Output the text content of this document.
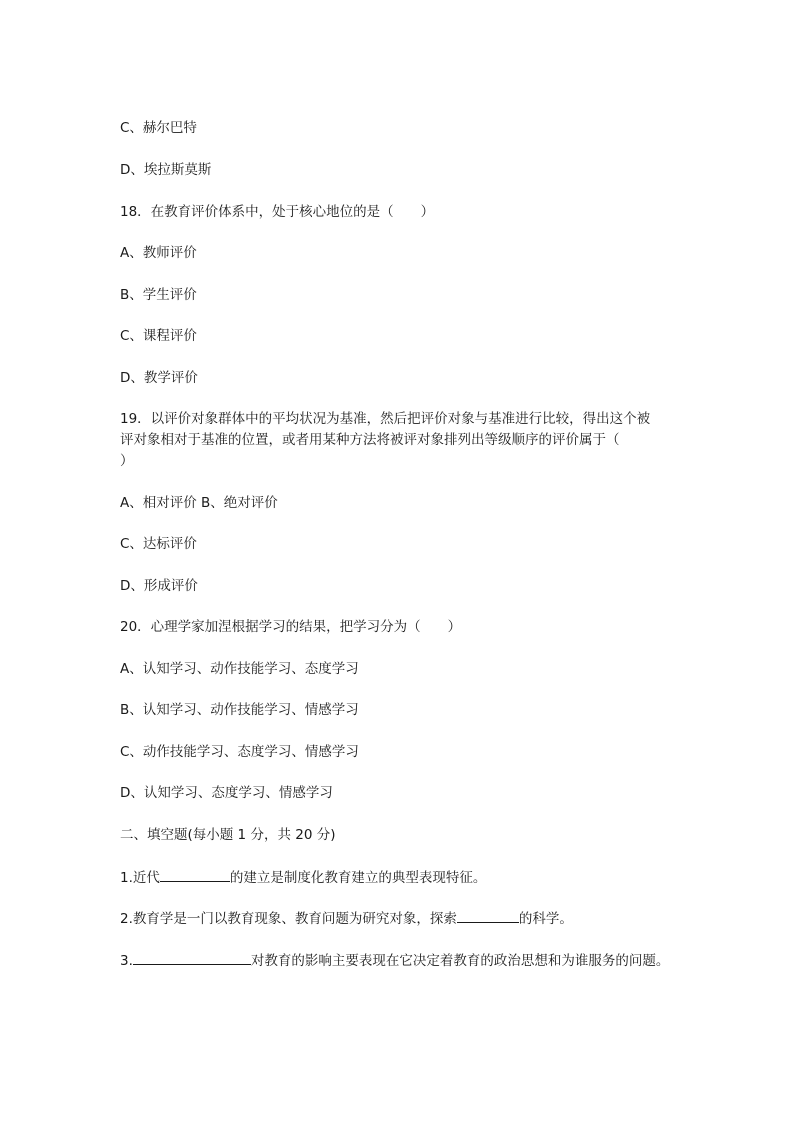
C、赫尔巴特
D、埃拉斯莫斯
18．在教育评价体系中，处于核心地位的是（　　）
A、教师评价
B、学生评价
C、课程评价
D、教学评价
19．以评价对象群体中的平均状况为基准，然后把评价对象与基准进行比较，得出这个被
评对象相对于基准的位置，或者用某种方法将被评对象排列出等级顺序的评价属于（
）
A、相对评价 B、绝对评价
C、达标评价
D、形成评价
20．心理学家加涅根据学习的结果，把学习分为（　　）
A、认知学习、动作技能学习、态度学习
B、认知学习、动作技能学习、情感学习
C、动作技能学习、态度学习、情感学习
D、认知学习、态度学习、情感学习
二、填空题(每小题 1 分，共 20 分)
1.近代	的建立是制度化教育建立的典型表现特征。
2.教育学是一门以教育现象、教育问题为研究对象，探索	的科学。
3.	对教育的影响主要表现在它决定着教育的政治思想和为谁服务的问题。
